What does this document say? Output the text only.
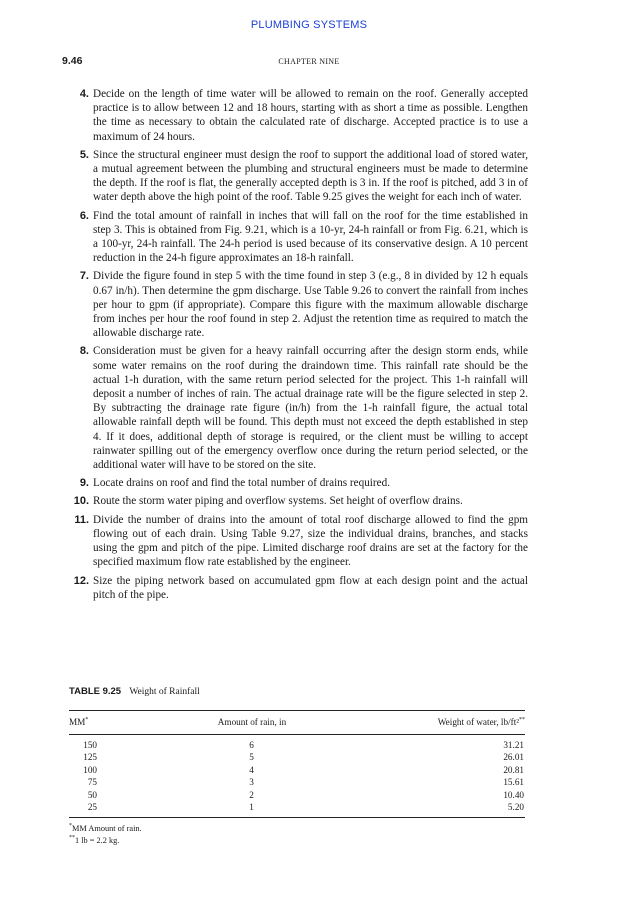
PLUMBING SYSTEMS
9.46	CHAPTER NINE
4. Decide on the length of time water will be allowed to remain on the roof. Generally accepted practice is to allow between 12 and 18 hours, starting with as short a time as possible. Lengthen the time as necessary to obtain the calculated rate of discharge. Accepted practice is to use a maximum of 24 hours.
5. Since the structural engineer must design the roof to support the additional load of stored water, a mutual agreement between the plumbing and structural engineers must be made to determine the depth. If the roof is flat, the generally accepted depth is 3 in. If the roof is pitched, add 3 in of water depth above the high point of the roof. Table 9.25 gives the weight for each inch of water.
6. Find the total amount of rainfall in inches that will fall on the roof for the time established in step 3. This is obtained from Fig. 9.21, which is a 10-yr, 24-h rainfall or from Fig. 6.21, which is a 100-yr, 24-h rainfall. The 24-h period is used because of its conservative design. A 10 percent reduction in the 24-h figure approximates an 18-h rainfall.
7. Divide the figure found in step 5 with the time found in step 3 (e.g., 8 in divided by 12 h equals 0.67 in/h). Then determine the gpm discharge. Use Table 9.26 to convert the rainfall from inches per hour to gpm (if appropriate). Compare this figure with the maximum allowable discharge from inches per hour the roof found in step 2. Adjust the retention time as required to match the allowable discharge rate.
8. Consideration must be given for a heavy rainfall occurring after the design storm ends, while some water remains on the roof during the draindown time. This rainfall rate should be the actual 1-h duration, with the same return period selected for the project. This 1-h rainfall will deposit a number of inches of rain. The actual drainage rate will be the figure selected in step 2. By subtracting the drainage rate figure (in/h) from the 1-h rainfall figure, the actual total allowable rainfall depth will be found. This depth must not exceed the depth established in step 4. If it does, additional depth of storage is required, or the client must be willing to accept rainwater spilling out of the emergency overflow once during the return period selected, or the additional water will have to be stored on the site.
9. Locate drains on roof and find the total number of drains required.
10. Route the storm water piping and overflow systems. Set height of overflow drains.
11. Divide the number of drains into the amount of total roof discharge allowed to find the gpm flowing out of each drain. Using Table 9.27, size the individual drains, branches, and stacks using the gpm and pitch of the pipe. Limited discharge roof drains are set at the factory for the specified maximum flow rate established by the engineer.
12. Size the piping network based on accumulated gpm flow at each design point and the actual pitch of the pipe.
TABLE 9.25 Weight of Rainfall
MM*	Amount of rain, in	Weight of water, lb/ft²**
150	6	31.21
125	5	26.01
100	4	20.81
75	3	15.61
50	2	10.40
25	1	5.20
*MM Amount of rain.
**1 lb = 2.2 kg.
